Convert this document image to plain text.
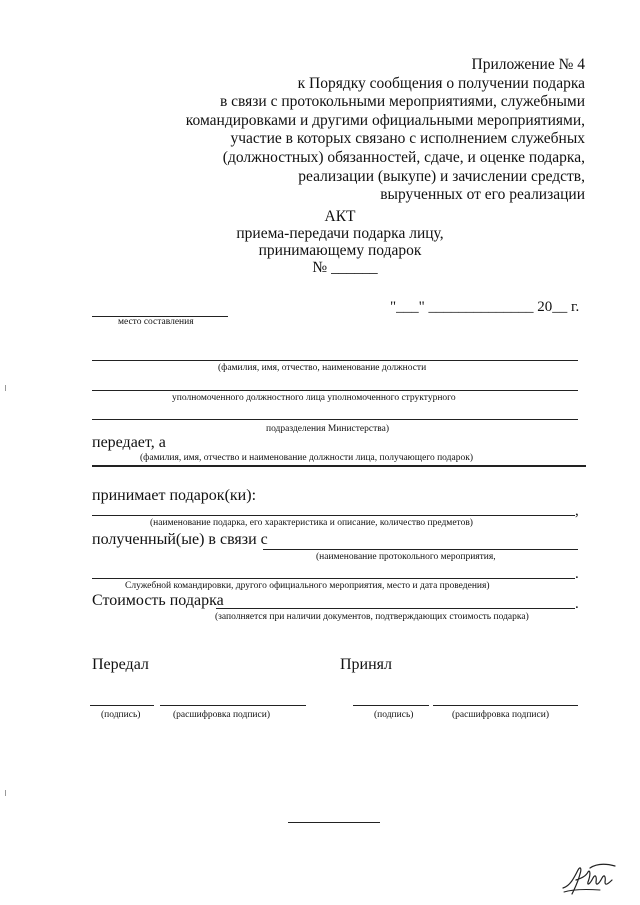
Приложение № 4
к Порядку сообщения о получении подарка
в связи с протокольными мероприятиями, служебными
командировками и другими официальными мероприятиями,
участие в которых связано с исполнением служебных
(должностных) обязанностей, сдаче, и оценке подарка,
реализации (выкупе) и зачислении средств,
вырученных от его реализации
АКТ
приема-передачи подарка лицу,
принимающему подарок
№ ______
место составления
"___" ______________ 20__ г.
(фамилия, имя, отчество, наименование должности
уполномоченного должностного лица уполномоченного структурного
подразделения Министерства)
передает, а
(фамилия, имя, отчество и наименование должности лица, получающего подарок)
принимает подарок(ки):
,
(наименование подарка, его характеристика и описание, количество предметов)
полученный(ые) в связи с
(наименование протокольного мероприятия,
.
Служебной командировки, другого официального мероприятия, место и дата проведения)
Стоимость подарка	.
(заполняется при наличии документов, подтверждающих стоимость подарка)
Передал	Принял
(подпись)	(расшифровка подписи)	(подпись)	(расшифровка подписи)
